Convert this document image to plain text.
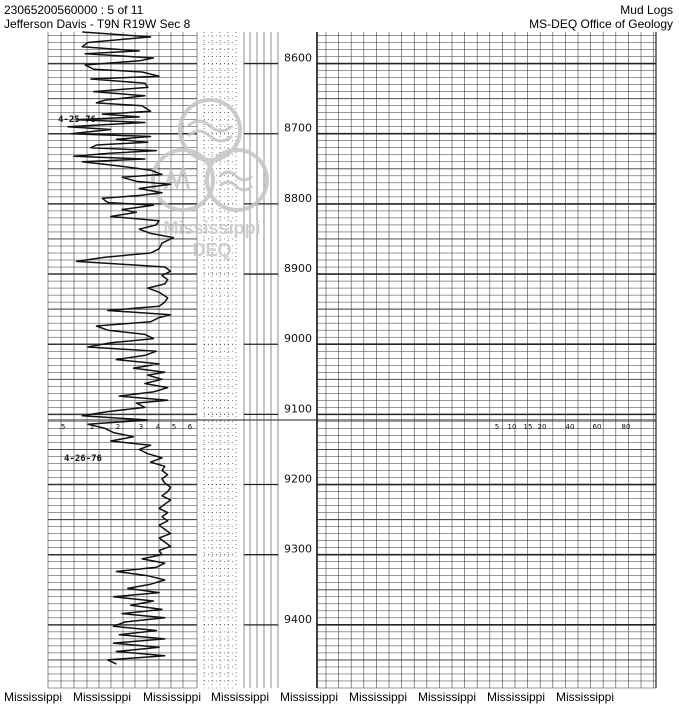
23065200560000 : 5 of 11
Jefferson Davis - T9N R19W Sec 8
Mud Logs
MS-DEQ Office of Geology
Mississippi
DEQ
8600
8700
8800
8900
9000
9100
9200
9300
9400
.5	1	2	3 4 5 6	5 10 15 20	40	60	80
4-25-76
4-26-76
Mississippi Mississippi Mississippi Mississippi Mississippi Mississippi Mississippi Mississippi Mississippi
